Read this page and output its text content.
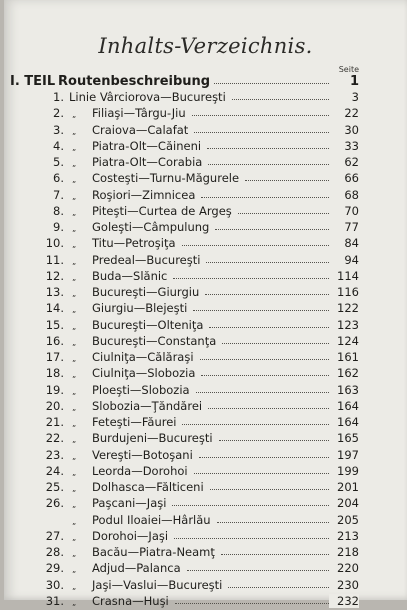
Inhalts-Verzeichnis.
Seite
I. TEIL Routenbeschreibung	1
1. Linie Vârciorova—Bucureşti	3
2. „ Filiaşi—Târgu-Jiu	22
3. „ Craiova—Calafat	30
4. „ Piatra-Olt—Căineni	33
5. „ Piatra-Olt—Corabia	62
6. „ Costeşti—Turnu-Măgurele	66
7. „ Roşiori—Zimnicea	68
8. „ Piteşti—Curtea de Argeş	70
9. „ Goleşti—Câmpulung	77
10. „ Titu—Petroşiţa	84
11. „ Predeal—Bucureşti	94
12. „ Buda—Slănic	114
13. „ Bucureşti—Giurgiu	116
14. „ Giurgiu—Blejeşti	122
15. „ Bucureşti—Olteniţa	123
16. „ Bucureşti—Constanţa	124
17. „ Ciulniţa—Călăraşi	161
18. „ Ciulniţa—Slobozia	162
19. „ Ploeşti—Slobozia	163
20. „ Slobozia—Ţăndărei	164
21. „ Feteşti—Făurei	164
22. „ Burdujeni—Bucureşti	165
23. „ Vereşti—Botoşani	197
24. „ Leorda—Dorohoi	199
25. „ Dolhasca—Fălticeni	201
26. „ Paşcani—Jaşi	204
„ Podul Iloaiei—Hârlău	205
27. „ Dorohoi—Jaşi	213
28. „ Bacău—Piatra-Neamţ	218
29. „ Adjud—Palanca	220
30. „ Jaşi—Vaslui—Bucureşti	230
31. „ Crasna—Huşi	232
